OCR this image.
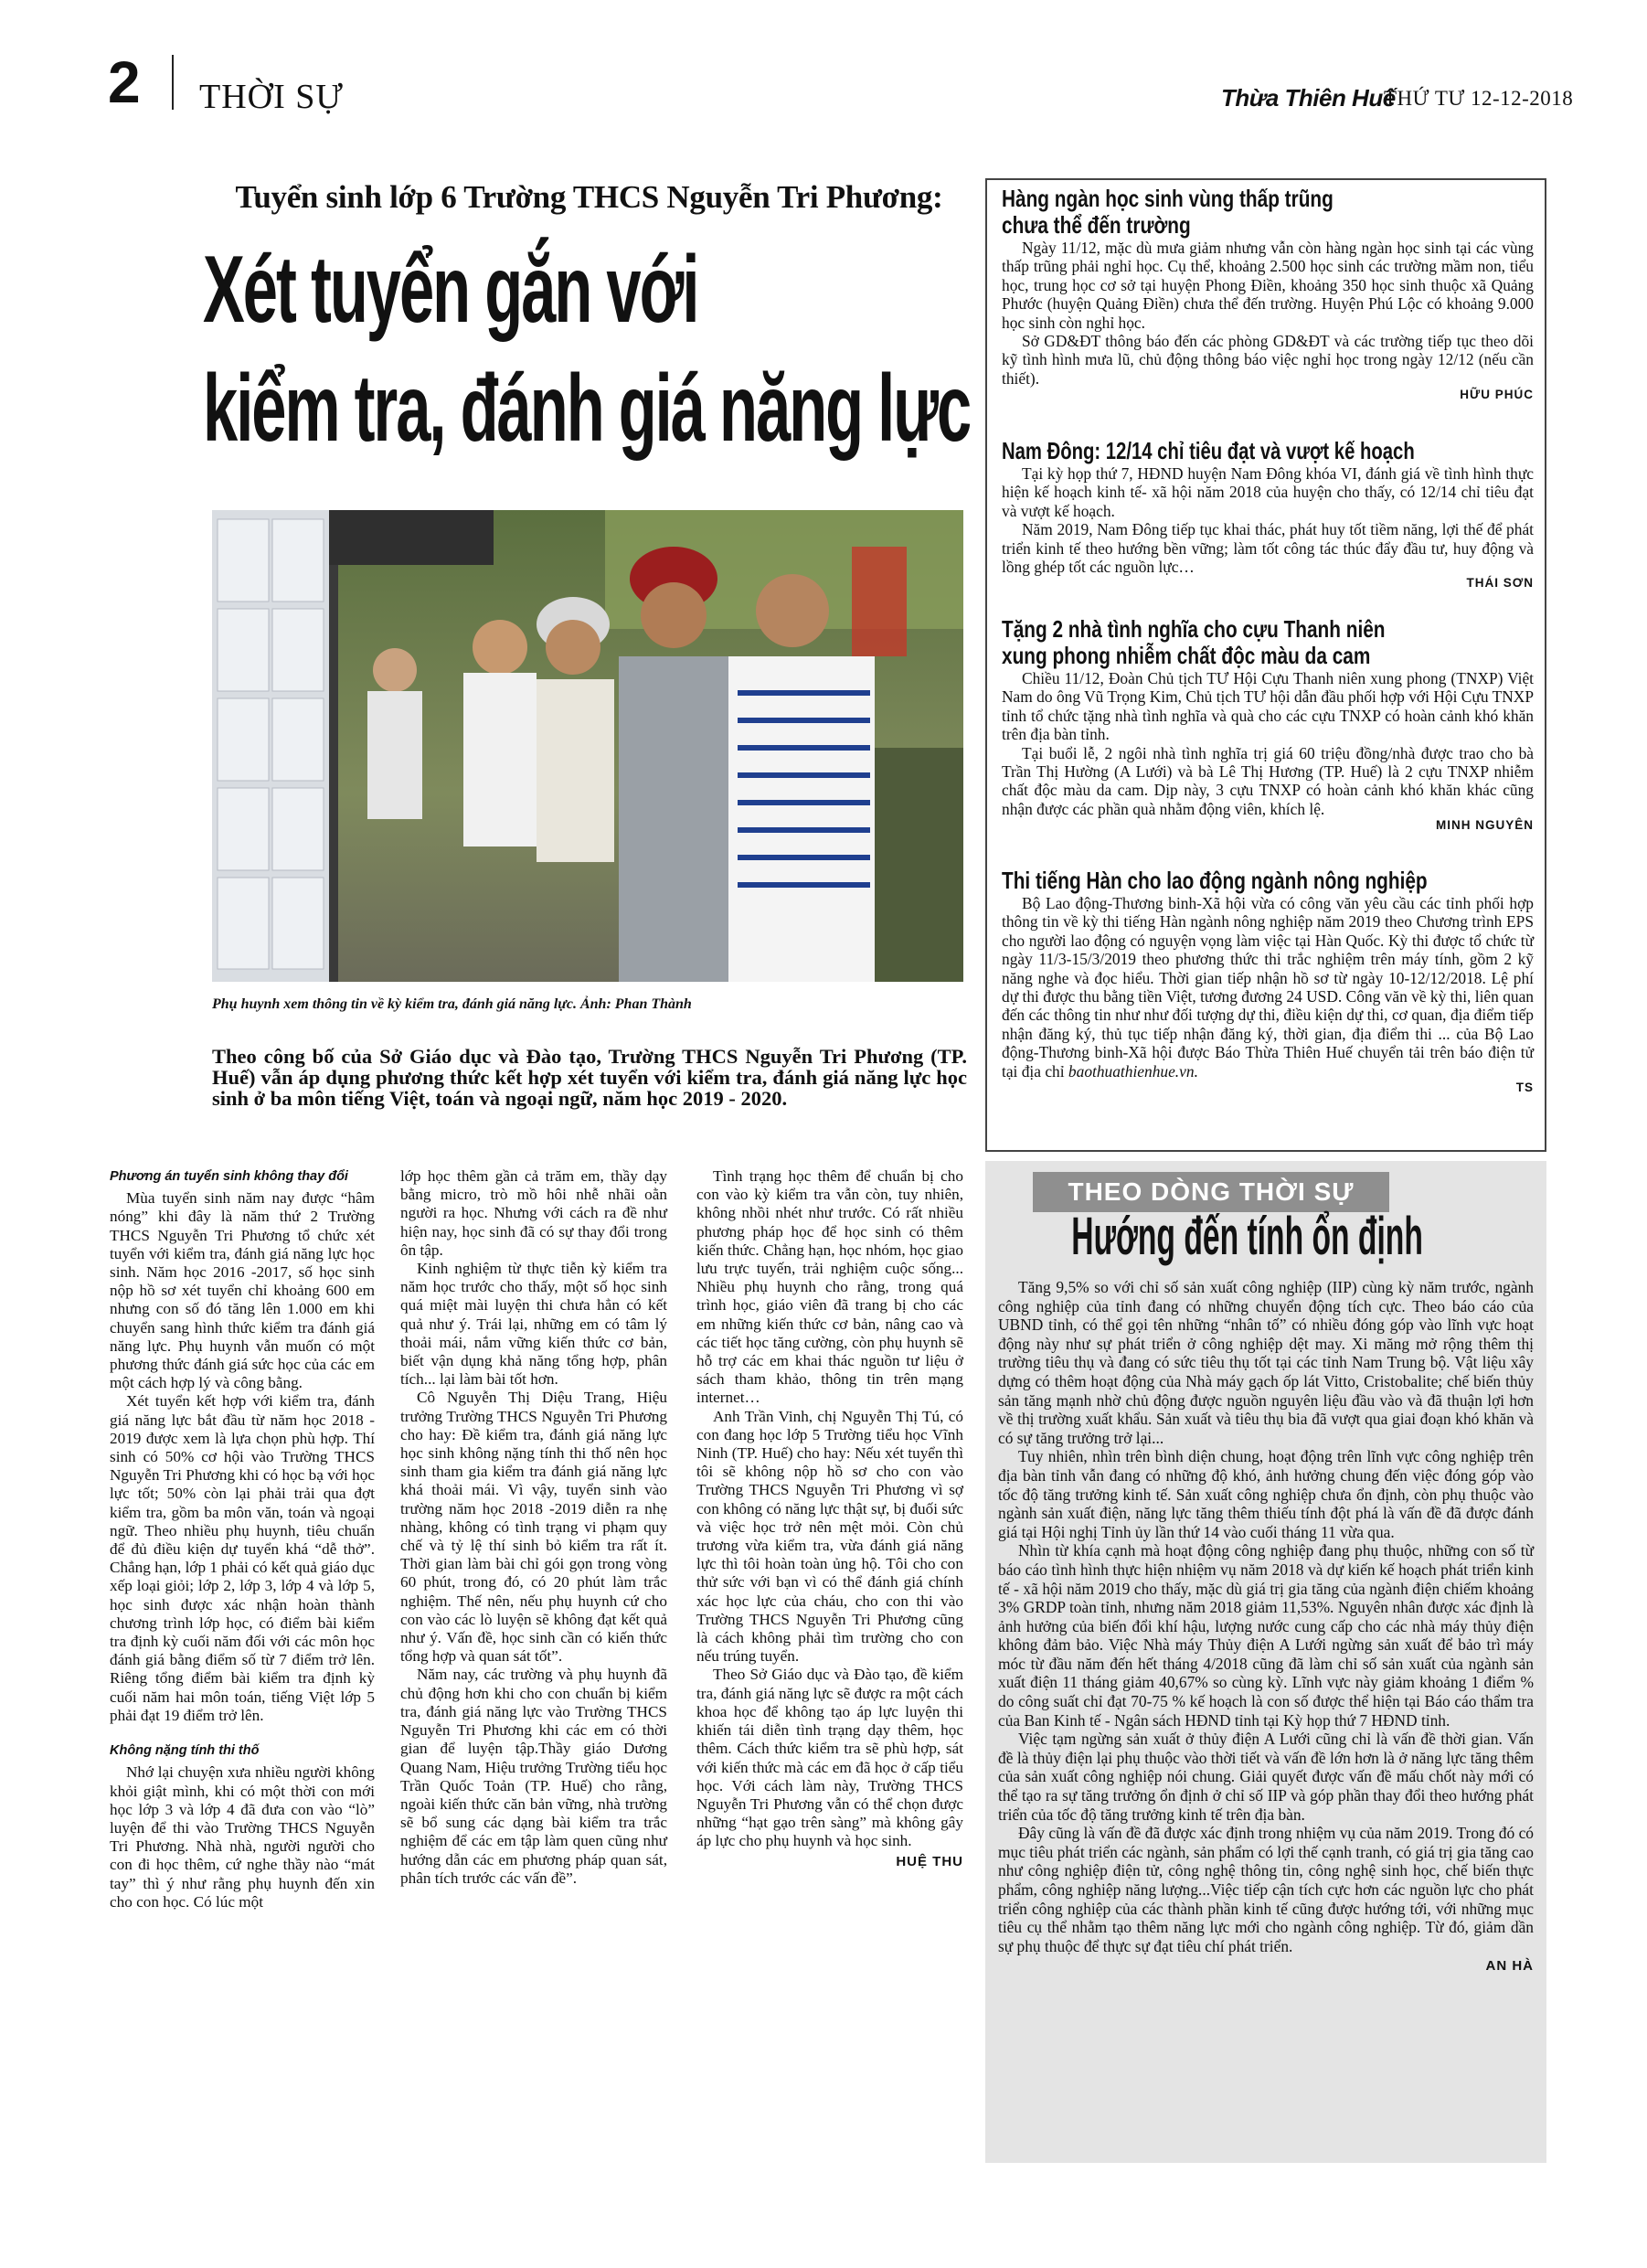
2 THỜI SỰ	Thừa Thiên Huế
THỨ TƯ 12-12-2018
Tuyển sinh lớp 6 Trường THCS Nguyễn Tri Phương:
Xét tuyển gắn với
kiểm tra, đánh giá năng lực
Phụ huynh xem thông tin về kỳ kiểm tra, đánh giá năng lực. Ảnh: Phan Thành
Theo công bố của Sở Giáo dục và Đào tạo, Trường THCS Nguyễn Tri Phương (TP. Huế) vẫn áp dụng phương thức kết hợp xét tuyển với kiểm tra, đánh giá năng lực học sinh ở ba môn tiếng Việt, toán và ngoại ngữ, năm học 2019 - 2020.
Phương án tuyển sinh không thay đổi

Mùa tuyển sinh năm nay được “hâm nóng” khi đây là năm thứ 2 Trường THCS Nguyễn Tri Phương tổ chức xét tuyển với kiểm tra, đánh giá năng lực học sinh. Năm học 2016 -2017, số học sinh nộp hồ sơ xét tuyển chỉ khoảng 600 em nhưng con số đó tăng lên 1.000 em khi chuyển sang hình thức kiểm tra đánh giá năng lực. Phụ huynh vẫn muốn có một phương thức đánh giá sức học của các em một cách hợp lý và công bằng.

Xét tuyển kết hợp với kiểm tra, đánh giá năng lực bắt đầu từ năm học 2018 - 2019 được xem là lựa chọn phù hợp. Thí sinh có 50% cơ hội vào Trường THCS Nguyễn Tri Phương khi có học bạ với học lực tốt; 50% còn lại phải trải qua đợt kiểm tra, gồm ba môn văn, toán và ngoại ngữ. Theo nhiều phụ huynh, tiêu chuẩn để đủ điều kiện dự tuyển khá “dễ thở”. Chẳng hạn, lớp 1 phải có kết quả giáo dục xếp loại giỏi; lớp 2, lớp 3, lớp 4 và lớp 5, học sinh được xác nhận hoàn thành chương trình lớp học, có điểm bài kiểm tra định kỳ cuối năm đối với các môn học đánh giá bằng điểm số từ 7 điểm trở lên. Riêng tổng điểm bài kiểm tra định kỳ cuối năm hai môn toán, tiếng Việt lớp 5 phải đạt 19 điểm trở lên.

Không nặng tính thi thố

Nhớ lại chuyện xưa nhiều người không khỏi giật mình, khi có một thời con mới học lớp 3 và lớp 4 đã đưa con vào “lò” luyện để thi vào Trường THCS Nguyễn Tri Phương. Nhà nhà, người người cho con đi học thêm, cứ nghe thầy nào “mát tay” thì ý như rằng phụ huynh đến xin cho con học. Có lúc một

lớp học thêm gần cả trăm em, thầy dạy bằng micro, trò mồ hôi nhễ nhãi oằn người ra học. Nhưng với cách ra đề như hiện nay, học sinh đã có sự thay đổi trong ôn tập.

Kinh nghiệm từ thực tiễn kỳ kiểm tra năm học trước cho thấy, một số học sinh quá miệt mài luyện thi chưa hẳn có kết quả như ý. Trái lại, những em có tâm lý thoải mái, nắm vững kiến thức cơ bản, biết vận dụng khả năng tổng hợp, phân tích... lại làm bài tốt hơn.

Cô Nguyễn Thị Diệu Trang, Hiệu trưởng Trường THCS Nguyễn Tri Phương cho hay: Đề kiểm tra, đánh giá năng lực học sinh không nặng tính thi thố nên học sinh tham gia kiểm tra đánh giá năng lực khá thoải mái. Vì vậy, tuyển sinh vào trường năm học 2018 -2019 diễn ra nhẹ nhàng, không có tình trạng vi phạm quy chế và tỷ lệ thí sinh bỏ kiểm tra rất ít. Thời gian làm bài chỉ gói gọn trong vòng 60 phút, trong đó, có 20 phút làm trắc nghiệm. Thế nên, nếu phụ huynh cứ cho con vào các lò luyện sẽ không đạt kết quả như ý. Vấn đề, học sinh cần có kiến thức tổng hợp và quan sát tốt”.

Năm nay, các trường và phụ huynh đã chủ động hơn khi cho con chuẩn bị kiểm tra, đánh giá năng lực vào Trường THCS Nguyễn Tri Phương khi các em có thời gian để luyện tập.Thầy giáo Dương Quang Nam, Hiệu trưởng Trường tiểu học Trần Quốc Toản (TP. Huế) cho rằng, ngoài kiến thức căn bản vững, nhà trường sẽ bổ sung các dạng bài kiểm tra trắc nghiệm để các em tập làm quen cũng như hướng dẫn các em phương pháp quan sát, phân tích trước các vấn đề”.

Tình trạng học thêm để chuẩn bị cho con vào kỳ kiểm tra vẫn còn, tuy nhiên, không nhồi nhét như trước. Có rất nhiều phương pháp học để học sinh có thêm kiến thức. Chẳng hạn, học nhóm, học giao lưu trực tuyến, trải nghiệm cuộc sống... Nhiều phụ huynh cho rằng, trong quá trình học, giáo viên đã trang bị cho các em những kiến thức cơ bản, nâng cao và các tiết học tăng cường, còn phụ huynh sẽ hỗ trợ các em khai thác nguồn tư liệu ở sách tham khảo, thông tin trên mạng internet…

Anh Trần Vinh, chị Nguyễn Thị Tú, có con đang học lớp 5 Trường tiểu học Vĩnh Ninh (TP. Huế) cho hay: Nếu xét tuyển thì tôi sẽ không nộp hồ sơ cho con vào Trường THCS Nguyễn Tri Phương vì sợ con không có năng lực thật sự, bị đuối sức và việc học trở nên mệt mỏi. Còn chủ trương vừa kiểm tra, vừa đánh giá năng lực thì tôi hoàn toàn ủng hộ. Tôi cho con thử sức với bạn vì có thể đánh giá chính xác học lực của cháu, cho con thi vào Trường THCS Nguyễn Tri Phương cũng là cách không phải tìm trường cho con nếu trúng tuyển.

Theo Sở Giáo dục và Đào tạo, đề kiểm tra, đánh giá năng lực sẽ được ra một cách khoa học để không tạo áp lực luyện thi khiến tái diễn tình trạng dạy thêm, học thêm. Cách thức kiểm tra sẽ phù hợp, sát với kiến thức mà các em đã học ở cấp tiểu học. Với cách làm này, Trường THCS Nguyễn Tri Phương vẫn có thể chọn được những “hạt gạo trên sàng” mà không gây áp lực cho phụ huynh và học sinh.

HUỆ THU
Hàng ngàn học sinh vùng thấp trũng
chưa thể đến trường

Ngày 11/12, mặc dù mưa giảm nhưng vẫn còn hàng ngàn học sinh tại các vùng thấp trũng phải nghỉ học. Cụ thể, khoảng 2.500 học sinh các trường mầm non, tiểu học, trung học cơ sở tại huyện Phong Điền, khoảng 350 học sinh thuộc xã Quảng Phước (huyện Quảng Điền) chưa thể đến trường. Huyện Phú Lộc có khoảng 9.000 học sinh còn nghỉ học.

Sở GD&ĐT thông báo đến các phòng GD&ĐT và các trường tiếp tục theo dõi kỹ tình hình mưa lũ, chủ động thông báo việc nghỉ học trong ngày 12/12 (nếu cần thiết).

HỮU PHÚC
Nam Đông: 12/14 chỉ tiêu đạt và vượt kế hoạch

Tại kỳ họp thứ 7, HĐND huyện Nam Đông khóa VI, đánh giá về tình hình thực hiện kế hoạch kinh tế- xã hội năm 2018 của huyện cho thấy, có 12/14 chỉ tiêu đạt và vượt kế hoạch.

Năm 2019, Nam Đông tiếp tục khai thác, phát huy tốt tiềm năng, lợi thế để phát triển kinh tế theo hướng bền vững; làm tốt công tác thúc đẩy đầu tư, huy động và lồng ghép tốt các nguồn lực…

THÁI SƠN
Tặng 2 nhà tình nghĩa cho cựu Thanh niên
xung phong nhiễm chất độc màu da cam

Chiều 11/12, Đoàn Chủ tịch TƯ Hội Cựu Thanh niên xung phong (TNXP) Việt Nam do ông Vũ Trọng Kim, Chủ tịch TƯ hội dẫn đầu phối hợp với Hội Cựu TNXP tỉnh tổ chức tặng nhà tình nghĩa và quà cho các cựu TNXP có hoàn cảnh khó khăn trên địa bàn tỉnh.

Tại buổi lễ, 2 ngôi nhà tình nghĩa trị giá 60 triệu đồng/nhà được trao cho bà Trần Thị Hường (A Lưới) và bà Lê Thị Hương (TP. Huế) là 2 cựu TNXP nhiễm chất độc màu da cam. Dịp này, 3 cựu TNXP có hoàn cảnh khó khăn khác cũng nhận được các phần quà nhằm động viên, khích lệ.

MINH NGUYÊN
Thi tiếng Hàn cho lao động ngành nông nghiệp

Bộ Lao động-Thương binh-Xã hội vừa có công văn yêu cầu các tỉnh phối hợp thông tin về kỳ thi tiếng Hàn ngành nông nghiệp năm 2019 theo Chương trình EPS cho người lao động có nguyện vọng làm việc tại Hàn Quốc. Kỳ thi được tổ chức từ ngày 11/3-15/3/2019 theo phương thức thi trắc nghiệm trên máy tính, gồm 2 kỹ năng nghe và đọc hiểu. Thời gian tiếp nhận hồ sơ từ ngày 10-12/12/2018. Lệ phí dự thi được thu bằng tiền Việt, tương đương 24 USD. Công văn về kỳ thi, liên quan đến các thông tin như như đối tượng dự thi, điều kiện dự thi, cơ quan, địa điểm tiếp nhận đăng ký, thủ tục tiếp nhận đăng ký, thời gian, địa điểm thi ... của Bộ Lao động-Thương binh-Xã hội được Báo Thừa Thiên Huế chuyển tải trên báo điện tử tại địa chỉ baothuathienhue.vn.

TS
THEO DÒNG THỜI SỰ
Hướng đến tính ổn định

Tăng 9,5% so với chỉ số sản xuất công nghiệp (IIP) cùng kỳ năm trước, ngành công nghiệp của tỉnh đang có những chuyển động tích cực. Theo báo cáo của UBND tỉnh, có thể gọi tên những “nhân tố” có nhiều đóng góp vào lĩnh vực hoạt động này như sự phát triển ở công nghiệp dệt may. Xi măng mở rộng thêm thị trường tiêu thụ và đang có sức tiêu thụ tốt tại các tỉnh Nam Trung bộ. Vật liệu xây dựng có thêm hoạt động của Nhà máy gạch ốp lát Vitto, Cristobalite; chế biến thủy sản tăng mạnh nhờ chủ động được nguồn nguyên liệu đầu vào và đã thuận lợi hơn về thị trường xuất khẩu. Sản xuất và tiêu thụ bia đã vượt qua giai đoạn khó khăn và có sự tăng trưởng trở lại...

Tuy nhiên, nhìn trên bình diện chung, hoạt động trên lĩnh vực công nghiệp trên địa bàn tỉnh vẫn đang có những độ khó, ảnh hưởng chung đến việc đóng góp vào tốc độ tăng trưởng kinh tế. Sản xuất công nghiệp chưa ổn định, còn phụ thuộc vào ngành sản xuất điện, năng lực tăng thêm thiếu tính đột phá là vấn đề đã được đánh giá tại Hội nghị Tỉnh ủy lần thứ 14 vào cuối tháng 11 vừa qua.

Nhìn từ khía cạnh mà hoạt động công nghiệp đang phụ thuộc, những con số từ báo cáo tình hình thực hiện nhiệm vụ năm 2018 và dự kiến kế hoạch phát triển kinh tế - xã hội năm 2019 cho thấy, mặc dù giá trị gia tăng của ngành điện chiếm khoảng 3% GRDP toàn tỉnh, nhưng năm 2018 giảm 11,53%. Nguyên nhân được xác định là ảnh hưởng của biến đổi khí hậu, lượng nước cung cấp cho các nhà máy thủy điện không đảm bảo. Việc Nhà máy Thủy điện A Lưới ngừng sản xuất để bảo trì máy móc từ đầu năm đến hết tháng 4/2018 cũng đã làm chỉ số sản xuất của ngành sản xuất điện 11 tháng giảm 40,67% so cùng kỳ. Lĩnh vực này giảm khoảng 1 điểm % do công suất chỉ đạt 70-75 % kế hoạch là con số được thể hiện tại Báo cáo thẩm tra của Ban Kinh tế - Ngân sách HĐND tỉnh tại Kỳ họp thứ 7 HĐND tỉnh.

Việc tạm ngừng sản xuất ở thủy điện A Lưới cũng chỉ là vấn đề thời gian. Vấn đề là thủy điện lại phụ thuộc vào thời tiết và vấn đề lớn hơn là ở năng lực tăng thêm của sản xuất công nghiệp nói chung. Giải quyết được vấn đề mấu chốt này mới có thể tạo ra sự tăng trưởng ổn định ở chỉ số IIP và góp phần thay đổi theo hướng phát triển của tốc độ tăng trưởng kinh tế trên địa bàn.

Đây cũng là vấn đề đã được xác định trong nhiệm vụ của năm 2019. Trong đó có mục tiêu phát triển các ngành, sản phẩm có lợi thế cạnh tranh, có giá trị gia tăng cao như công nghiệp điện tử, công nghệ thông tin, công nghệ sinh học, chế biến thực phẩm, công nghiệp năng lượng...Việc tiếp cận tích cực hơn các nguồn lực cho phát triển công nghiệp của các thành phần kinh tế cũng được hướng tới, với những mục tiêu cụ thể nhằm tạo thêm năng lực mới cho ngành công nghiệp. Từ đó, giảm dần sự phụ thuộc để thực sự đạt tiêu chí phát triển.

AN HÀ
